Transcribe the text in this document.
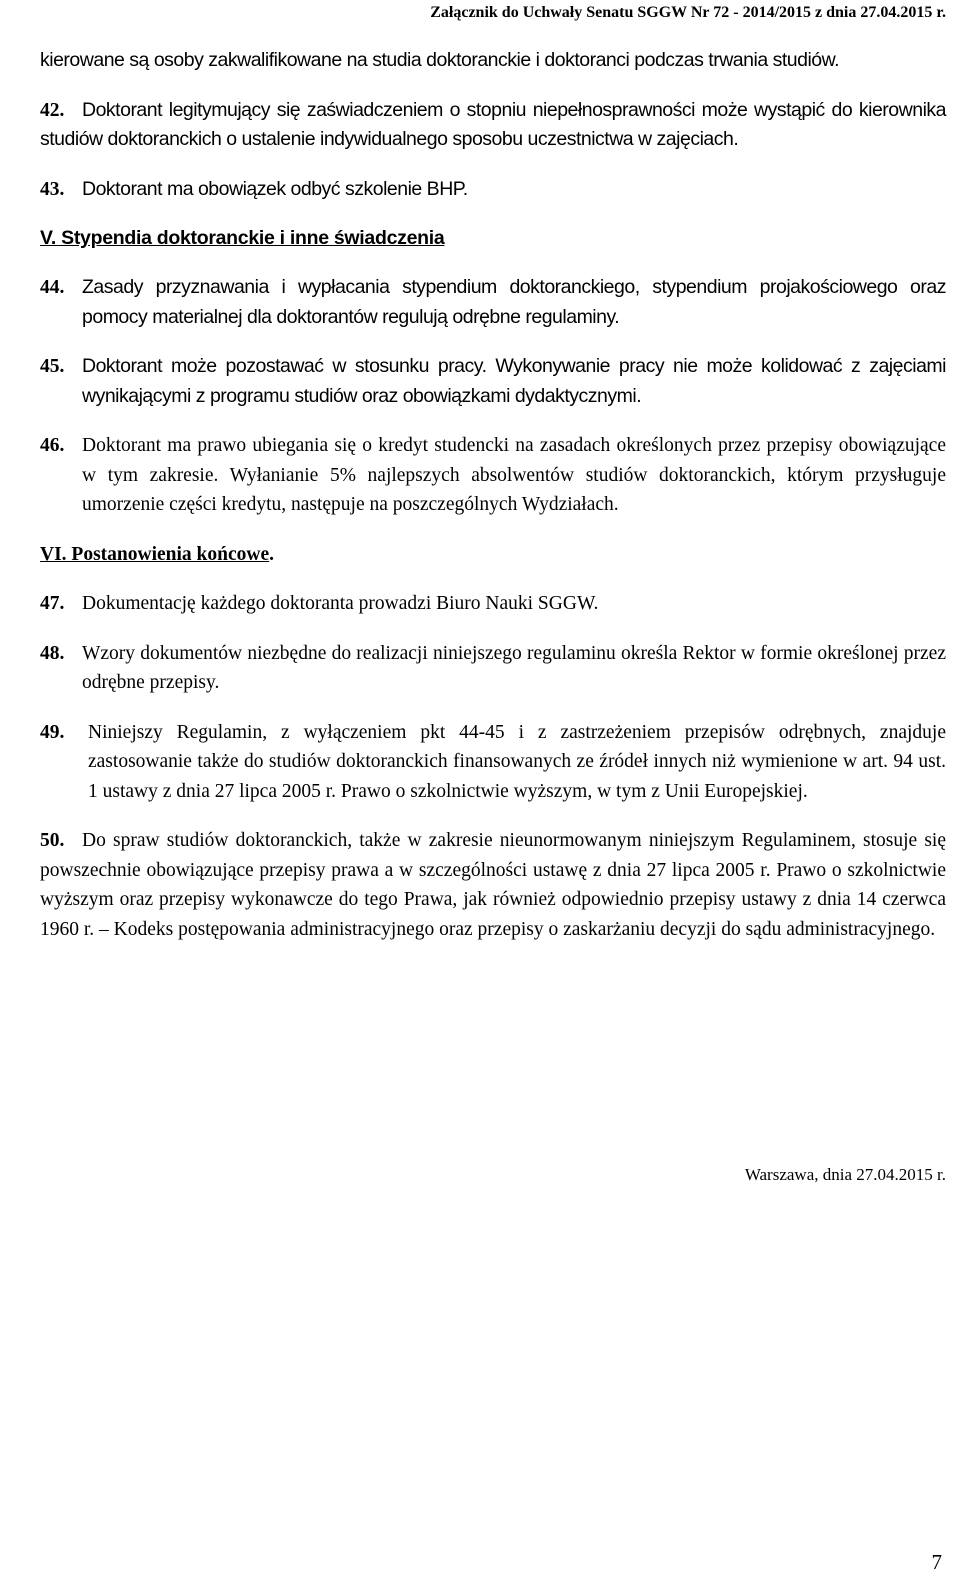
Załącznik do Uchwały Senatu SGGW Nr 72 - 2014/2015 z dnia 27.04.2015 r.

kierowane są osoby zakwalifikowane na studia doktoranckie i doktoranci podczas trwania studiów.

42. Doktorant legitymujący się zaświadczeniem o stopniu niepełnosprawności może wystąpić do kierownika studiów doktoranckich o ustalenie indywidualnego sposobu uczestnictwa w zajęciach.

43. Doktorant ma obowiązek odbyć szkolenie BHP.

V. Stypendia doktoranckie i inne świadczenia

44. Zasady przyznawania i wypłacania stypendium doktoranckiego, stypendium projakościowego oraz pomocy materialnej dla doktorantów regulują odrębne regulaminy.

45. Doktorant może pozostawać w stosunku pracy. Wykonywanie pracy nie może kolidować z zajęciami wynikającymi z programu studiów oraz obowiązkami dydaktycznymi.

46. Doktorant ma prawo ubiegania się o kredyt studencki na zasadach określonych przez przepisy obowiązujące w tym zakresie. Wyłanianie 5% najlepszych absolwentów studiów doktoranckich, którym przysługuje umorzenie części kredytu, następuje na poszczególnych Wydziałach.

VI. Postanowienia końcowe.

47. Dokumentację każdego doktoranta prowadzi Biuro Nauki SGGW.

48. Wzory dokumentów niezbędne do realizacji niniejszego regulaminu określa Rektor w formie określonej przez odrębne przepisy.

49.	Niniejszy Regulamin, z wyłączeniem pkt 44-45 i z zastrzeżeniem przepisów odrębnych, znajduje zastosowanie także do studiów doktoranckich finansowanych ze źródeł innych niż wymienione w art. 94 ust. 1 ustawy z dnia 27 lipca 2005 r. Prawo o szkolnictwie wyższym, w tym z Unii Europejskiej.

50. Do spraw studiów doktoranckich, także w zakresie nieunormowanym niniejszym Regulaminem, stosuje się powszechnie obowiązujące przepisy prawa a w szczególności ustawę z dnia 27 lipca 2005 r. Prawo o szkolnictwie wyższym oraz przepisy wykonawcze do tego Prawa, jak również odpowiednio przepisy ustawy z dnia 14 czerwca 1960 r. – Kodeks postępowania administracyjnego oraz przepisy o zaskarżaniu decyzji do sądu administracyjnego.

Warszawa, dnia 27.04.2015 r.
7
